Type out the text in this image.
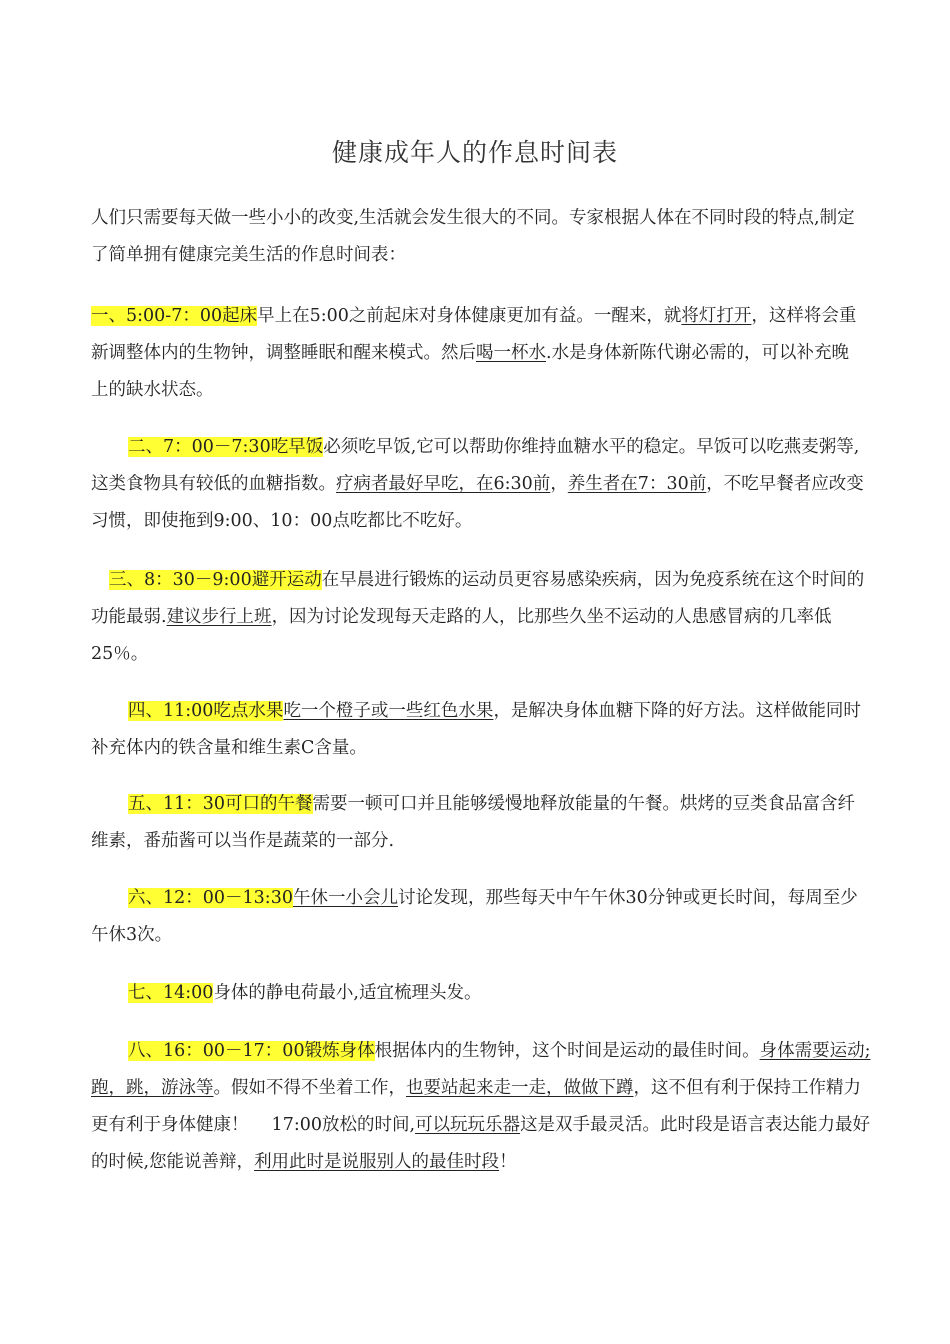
健康成年人的作息时间表

人们只需要每天做一些小小的改变,生活就会发生很大的不同。专家根据人体在不同时段的特点,制定了简单拥有健康完美生活的作息时间表：

一、5:00-7：00起床早上在5:00之前起床对身体健康更加有益。一醒来，就将灯打开，这样将会重新调整体内的生物钟，调整睡眠和醒来模式。然后喝一杯水.水是身体新陈代谢必需的，可以补充晚上的缺水状态。

二、7：00－7:30吃早饭必须吃早饭,它可以帮助你维持血糖水平的稳定。早饭可以吃燕麦粥等,这类食物具有较低的血糖指数。疗病者最好早吃，在6:30前，养生者在7：30前，不吃早餐者应改变习惯，即使拖到9:00、10：00点吃都比不吃好。

三、8：30－9:00避开运动在早晨进行锻炼的运动员更容易感染疾病，因为免疫系统在这个时间的功能最弱.建议步行上班，因为讨论发现每天走路的人，比那些久坐不运动的人患感冒病的几率低25％。

四、11:00吃点水果吃一个橙子或一些红色水果，是解决身体血糖下降的好方法。这样做能同时补充体内的铁含量和维生素C含量。

五、11：30可口的午餐需要一顿可口并且能够缓慢地释放能量的午餐。烘烤的豆类食品富含纤维素，番茄酱可以当作是蔬菜的一部分.

六、12：00－13:30午休一小会儿讨论发现，那些每天中午午休30分钟或更长时间，每周至少午休3次。

七、14:00身体的静电荷最小,适宜梳理头发。

八、16：00－17：00锻炼身体根据体内的生物钟，这个时间是运动的最佳时间。身体需要运动;跑，跳，游泳等。假如不得不坐着工作，也要站起来走一走，做做下蹲，这不但有利于保持工作精力更有利于身体健康！　 17:00放松的时间,可以玩玩乐器这是双手最灵活。此时段是语言表达能力最好的时候,您能说善辩，利用此时是说服别人的最佳时段！
